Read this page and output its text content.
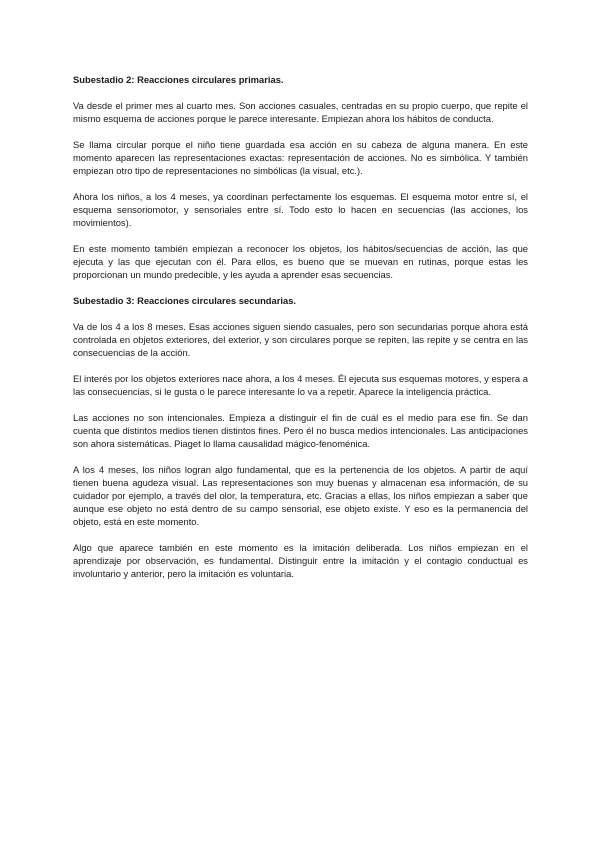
Subestadio 2: Reacciones circulares primarias.

Va desde el primer mes al cuarto mes. Son acciones casuales, centradas en su propio cuerpo, que repite el mismo esquema de acciones porque le parece interesante. Empiezan ahora los hábitos de conducta.

Se llama circular porque el niño tiene guardada esa acción en su cabeza de alguna manera. En este momento aparecen las representaciones exactas: representación de acciones. No es simbólica. Y también empiezan otro tipo de representaciones no simbólicas (la visual, etc.).

Ahora los niños, a los 4 meses, ya coordinan perfectamente los esquemas. El esquema motor entre sí, el esquema sensoriomotor, y sensoriales entre sí. Todo esto lo hacen en secuencias (las acciones, los movimientos).

En este momento también empiezan a reconocer los objetos, los hábitos/secuencias de acción, las que ejecuta y las que ejecutan con él. Para ellos, es bueno que se muevan en rutinas, porque estas les proporcionan un mundo predecible, y les ayuda a aprender esas secuencias.

Subestadio 3: Reacciones circulares secundarias.

Va de los 4 a los 8 meses. Esas acciones siguen siendo casuales, pero son secundarias porque ahora está controlada en objetos exteriores, del exterior, y son circulares porque se repiten, las repite y se centra en las consecuencias de la acción.

El interés por los objetos exteriores nace ahora, a los 4 meses. Él ejecuta sus esquemas motores, y espera a las consecuencias, si le gusta o le parece interesante lo va a repetir. Aparece la inteligencia práctica.

Las acciones no son intencionales. Empieza a distinguir el fin de cuál es el medio para ese fin. Se dan cuenta que distintos medios tienen distintos fines. Pero él no busca medios intencionales. Las anticipaciones son ahora sistemáticas. Piaget lo llama causalidad mágico-fenoménica.

A los 4 meses, los niños logran algo fundamental, que es la pertenencia de los objetos. A partir de aquí tienen buena agudeza visual. Las representaciones son muy buenas y almacenan esa información, de su cuidador por ejemplo, a través del olor, la temperatura, etc. Gracias a ellas, los niños empiezan a saber que aunque ese objeto no está dentro de su campo sensorial, ese objeto existe. Y eso es la permanencia del objeto, está en este momento.

Algo que aparece también en este momento es la imitación deliberada. Los niños empiezan en el aprendizaje por observación, es fundamental. Distinguir entre la imitación y el contagio conductual es involuntario y anterior, pero la imitación es voluntaria.
